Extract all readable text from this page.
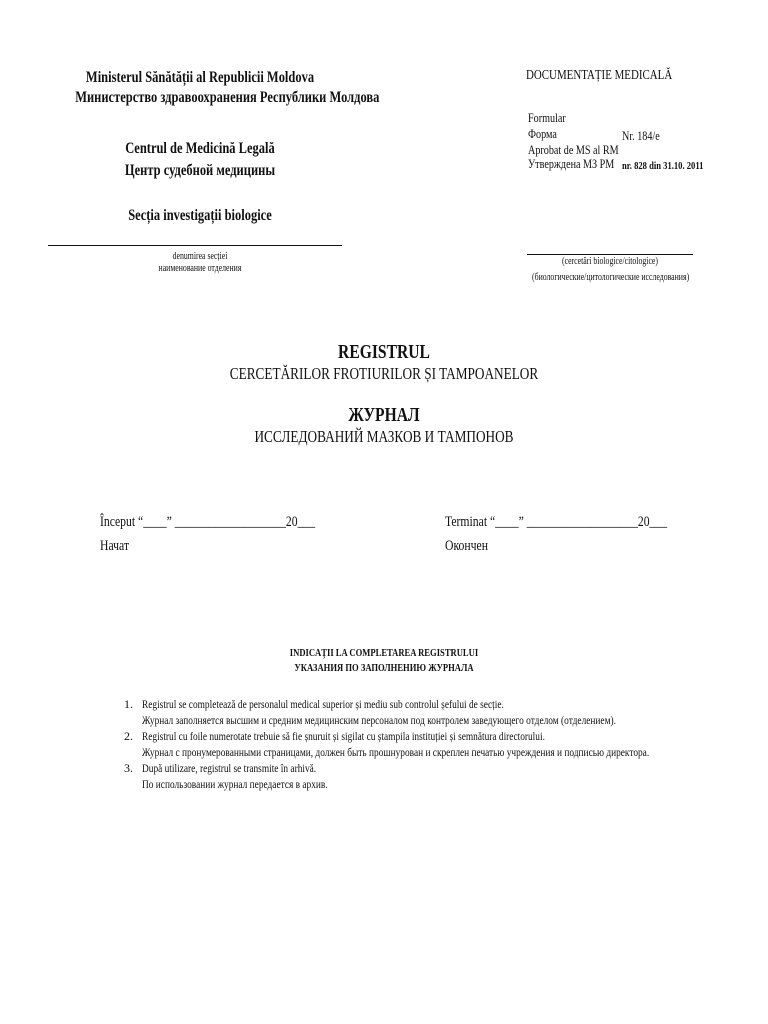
Ministerul Sănătății al Republicii Moldova
Министерство здравоохранения Республики Молдова
Centrul de Medicină Legală
Центр судебной медицины
Secția investigații biologice
denumirea secției
наименование отделения
DOCUMENTAȚIE MEDICALĂ
Formular
Форма
Aprobat de MS al RM
Утверждена МЗ РМ
Nr. 184/e
nr. 828 din 31.10. 2011
(cercetări biologice/citologice)
(биологические/цитологические исследования)
REGISTRUL
CERCETĂRILOR FROTIURILOR ȘI TAMPOANELOR
ЖУРНАЛ
ИССЛЕДОВАНИЙ МАЗКОВ И ТАМПОНОВ
Început “____” ___________________20___
Начат
Terminat “____” ___________________20___
Окончен
INDICAȚII LA COMPLETAREA REGISTRULUI
УКАЗАНИЯ ПО ЗАПОЛНЕНИЮ ЖУРНАЛА
1. Registrul se completează de personalul medical superior și mediu sub controlul șefului de secție.
Журнал заполняется высшим и средним медицинским персоналом под контролем заведующего отделом (отделением).
2. Registrul cu foile numerotate trebuie să fie șnuruit și sigilat cu ștampila instituției și semnătura directorului.
Журнал с пронумерованными страницами, должен быть прошнурован и скреплен печатью учреждения и подписью директора.
3. După utilizare, registrul se transmite în arhivă.
По использовании журнал передается в архив.
